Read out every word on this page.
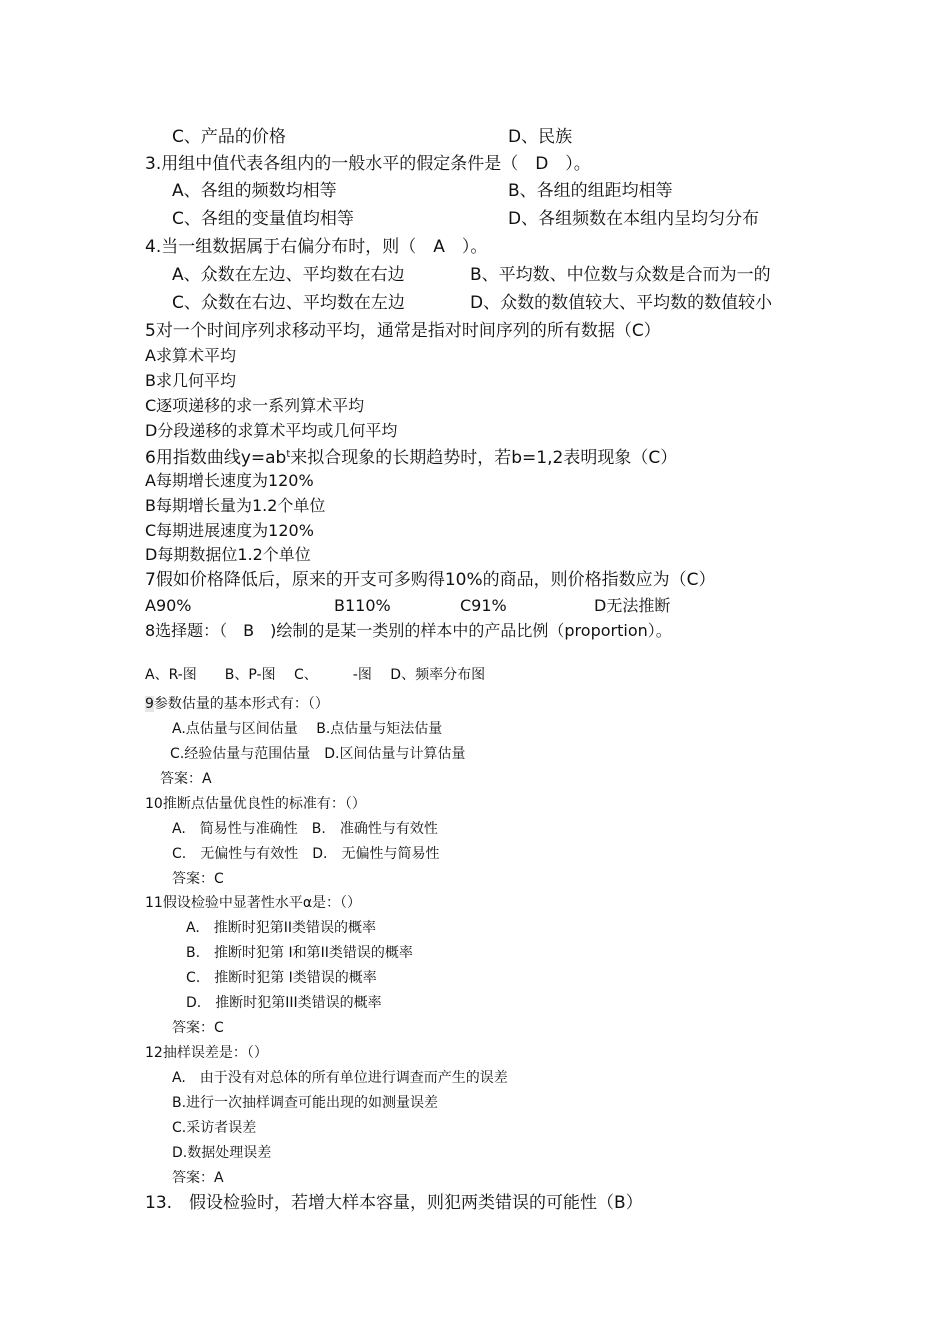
C、产品的价格	D、民族
3.用组中值代表各组内的一般水平的假定条件是（　D　）。
A、各组的频数均相等	B、各组的组距均相等
C、各组的变量值均相等	D、各组频数在本组内呈均匀分布
4.当一组数据属于右偏分布时，则（　A　）。
A、众数在左边、平均数在右边	B、平均数、中位数与众数是合而为一的
C、众数在右边、平均数在左边	D、众数的数值较大、平均数的数值较小
5对一个时间序列求移动平均，通常是指对时间序列的所有数据（C）
A求算术平均
B求几何平均
C逐项递移的求一系列算术平均
D分段递移的求算术平均或几何平均
6用指数曲线$y=ab^t$来拟合现象的长期趋势时，若b=1,2表明现象（C）
A每期增长速度为120%
B每期增长量为1.2个单位
C每期进展速度为120%
D每期数据位1.2个单位
7假如价格降低后，原来的开支可多购得10%的商品，则价格指数应为（C）
A90%	B110%	C91%	D无法推断
8选择题：（　B　)绘制的是某一类别的样本中的产品比例（proportion）。
A、R-图　　B、P-图　 C、　　　-图　 D、频率分布图
9参数估量的基本形式有：（）
A.点估量与区间估量　 B.点估量与矩法估量
C.经验估量与范围估量　D.区间估量与计算估量
答案：A
10推断点估量优良性的标准有：（）
A.　简易性与准确性　B.　准确性与有效性
C.　无偏性与有效性　D.　无偏性与简易性
答案：C
11假设检验中显著性水平α是：（）
A.　推断时犯第II类错误的概率
B.　推断时犯第 I和第II类错误的概率
C.　推断时犯第 I类错误的概率
D.　推断时犯第III类错误的概率
答案：C
12抽样误差是：（）
A.　由于没有对总体的所有单位进行调查而产生的误差
B.进行一次抽样调查可能出现的如测量误差
C.采访者误差
D.数据处理误差
答案：A
13.　假设检验时，若增大样本容量，则犯两类错误的可能性（B）
